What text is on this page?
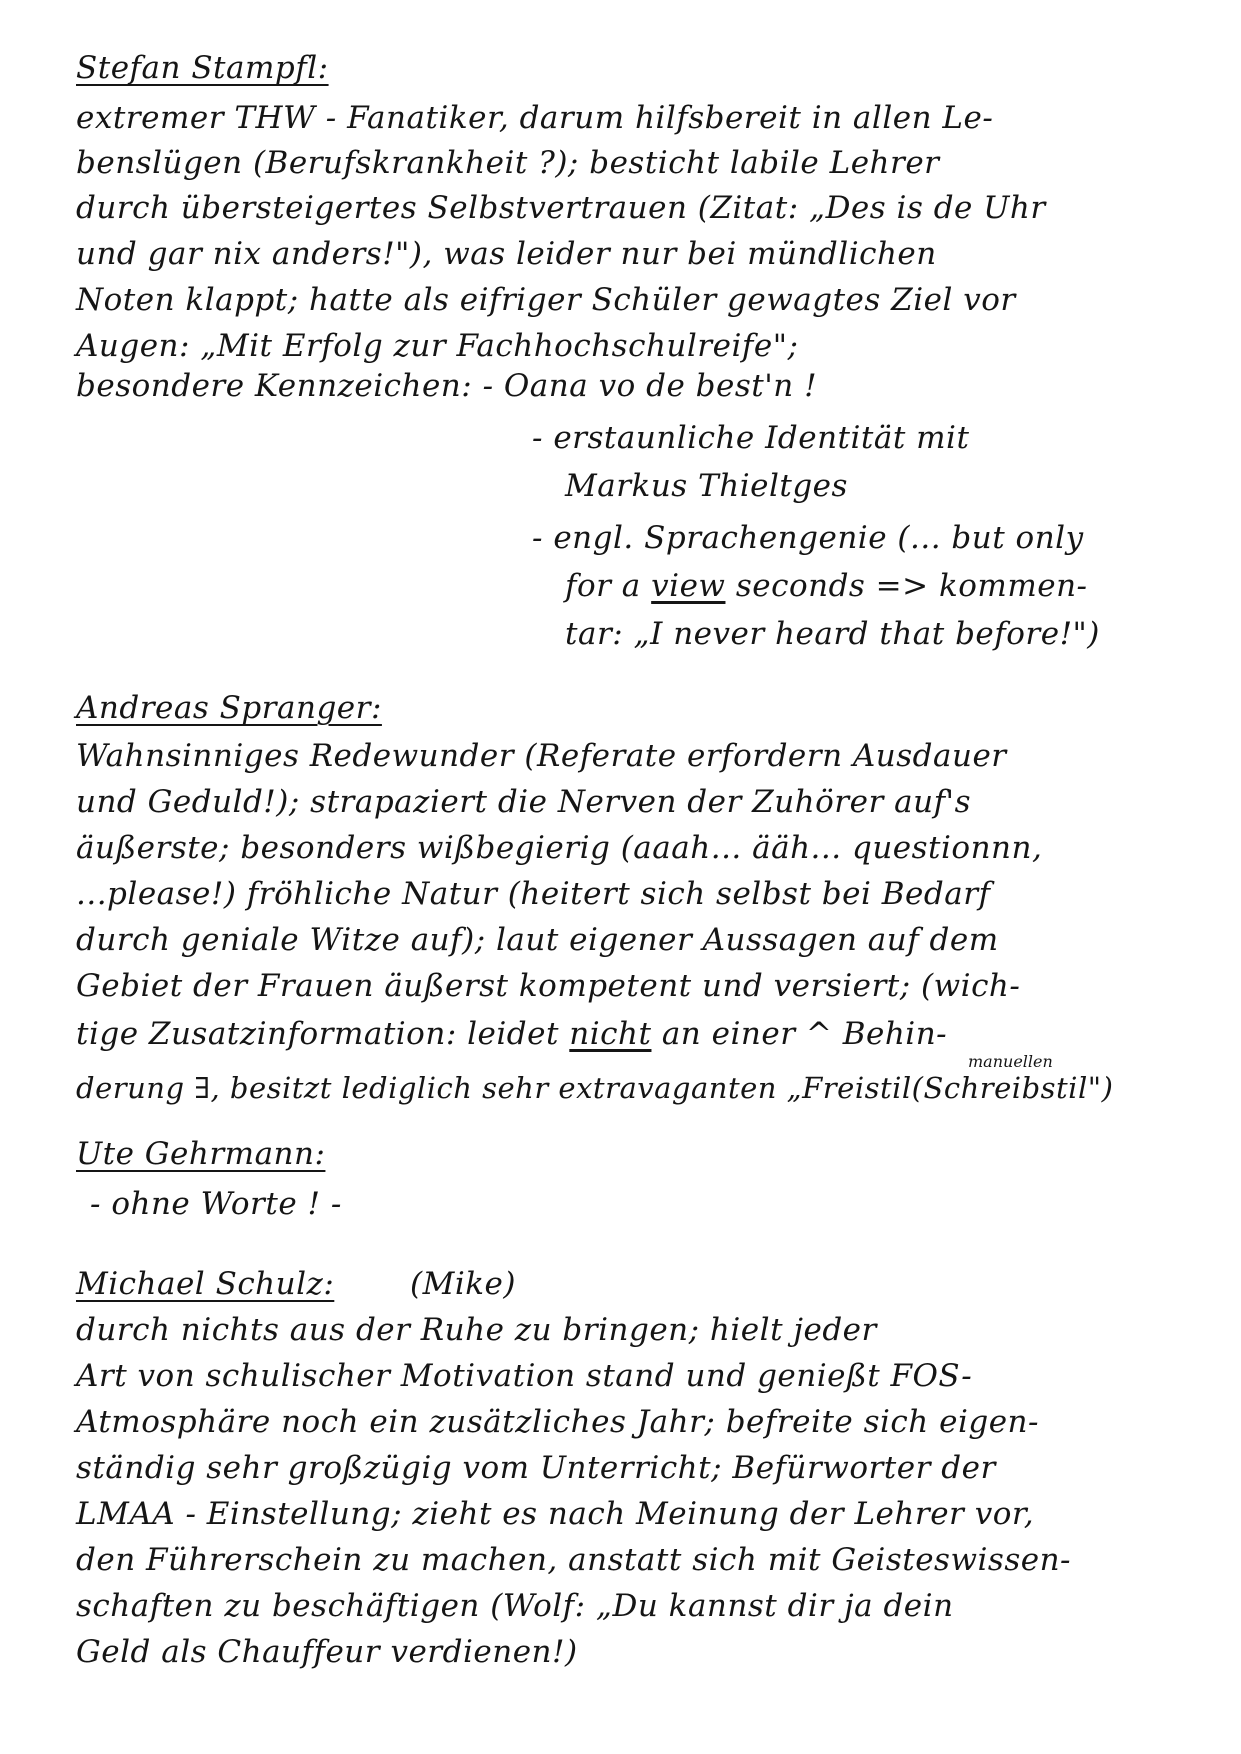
Stefan Stampfl:
extremer THW - Fanatiker, darum hilfsbereit in allen Le-
benslügen (Berufskrankheit ?); besticht labile Lehrer
durch übersteigertes Selbstvertrauen (Zitat: „Des is de Uhr
und gar nix anders!"), was leider nur bei mündlichen
Noten klappt; hatte als eifriger Schüler gewagtes Ziel vor
Augen: „Mit Erfolg zur Fachhochschulreife";
besondere Kennzeichen: - Oana vo de best'n !
- erstaunliche Identität mit
Markus Thieltges
- engl. Sprachengenie (... but only
for a view seconds => kommen-
tar: „I never heard that before!")
Andreas Spranger:
Wahnsinniges Redewunder (Referate erfordern Ausdauer
und Geduld!); strapaziert die Nerven der Zuhörer auf's
äußerste; besonders wißbegierig (aaah... ääh... questionnn,
...please!) fröhliche Natur (heitert sich selbst bei Bedarf
durch geniale Witze auf); laut eigener Aussagen auf dem
Gebiet der Frauen äußerst kompetent und versiert; (wich-
manuellen
tige Zusatzinformation: leidet nicht an einer ^ Behin-
derung ∃, besitzt lediglich sehr extravaganten „Freistil(Schreibstil")
Ute Gehrmann:
- ohne Worte ! -
Michael Schulz: (Mike)
durch nichts aus der Ruhe zu bringen; hielt jeder
Art von schulischer Motivation stand und genießt FOS-
Atmosphäre noch ein zusätzliches Jahr; befreite sich eigen-
ständig sehr großzügig vom Unterricht; Befürworter der
LMAA - Einstellung; zieht es nach Meinung der Lehrer vor,
den Führerschein zu machen, anstatt sich mit Geisteswissen-
schaften zu beschäftigen (Wolf: „Du kannst dir ja dein
Geld als Chauffeur verdienen!)
